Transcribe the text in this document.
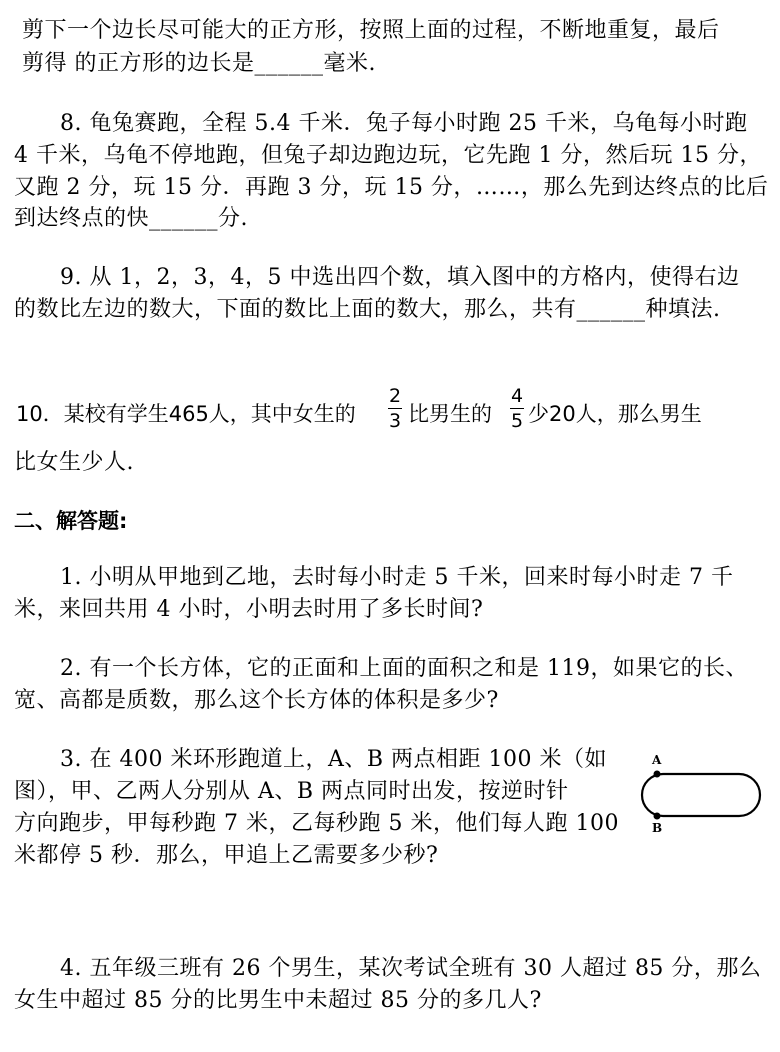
剪下一个边长尽可能大的正方形，按照上面的过程，不断地重复，最后
剪得 的正方形的边长是______毫米.
8. 龟兔赛跑，全程 5.4 千米．兔子每小时跑 25 千米，乌龟每小时跑
4 千米，乌龟不停地跑，但兔子却边跑边玩，它先跑 1 分，然后玩 15 分，
又跑 2 分，玩 15 分．再跑 3 分，玩 15 分，……，那么先到达终点的比后
到达终点的快______分.
9. 从 1，2，3，4，5 中选出四个数，填入图中的方格内，使得右边
的数比左边的数大，下面的数比上面的数大，那么，共有______种填法.
10．某校有学生465人，其中女生的
2
3 比男生的
4
5 少20人，那么男生
比女生少人.
二、解答题:
1. 小明从甲地到乙地，去时每小时走 5 千米，回来时每小时走 7 千
米，来回共用 4 小时，小明去时用了多长时间?
2. 有一个长方体，它的正面和上面的面积之和是 119，如果它的长、
宽、高都是质数，那么这个长方体的体积是多少?
3. 在 400 米环形跑道上，A、B 两点相距 100 米（如
图），甲、乙两人分别从 A、B 两点同时出发，按逆时针
方向跑步，甲每秒跑 7 米，乙每秒跑 5 米，他们每人跑 100
米都停 5 秒．那么，甲追上乙需要多少秒?
A
B
4. 五年级三班有 26 个男生，某次考试全班有 30 人超过 85 分，那么
女生中超过 85 分的比男生中未超过 85 分的多几人?
